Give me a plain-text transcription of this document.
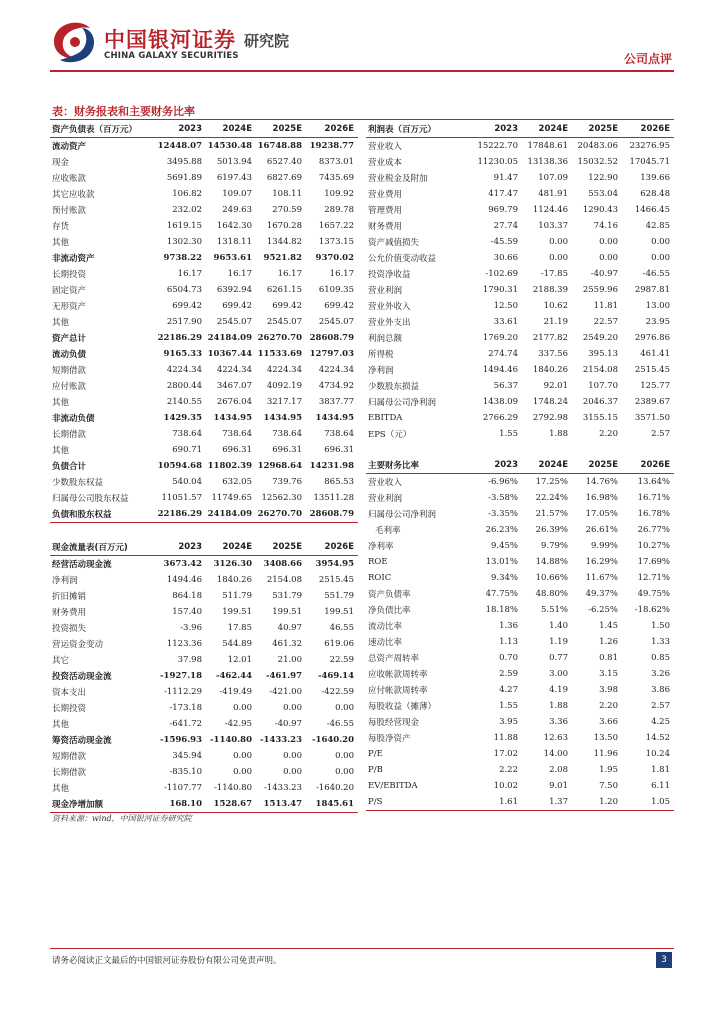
中国银河证券
CHINA GALAXY SECURITIES
研究院
公司点评
表：财务报表和主要财务比率
资产负债表（百万元）	2023	2024E	2025E	2026E
流动资产	12448.07	14530.48	16748.88	19238.77
现金	3495.88	5013.94	6527.40	8373.01
应收账款	5691.89	6197.43	6827.69	7435.69
其它应收款	106.82	109.07	108.11	109.92
预付账款	232.02	249.63	270.59	289.78
存货	1619.15	1642.30	1670.28	1657.22
其他	1302.30	1318.11	1344.82	1373.15
非流动资产	9738.22	9653.61	9521.82	9370.02
长期投资	16.17	16.17	16.17	16.17
固定资产	6504.73	6392.94	6261.15	6109.35
无形资产	699.42	699.42	699.42	699.42
其他	2517.90	2545.07	2545.07	2545.07
资产总计	22186.29	24184.09	26270.70	28608.79
流动负债	9165.33	10367.44	11533.69	12797.03
短期借款	4224.34	4224.34	4224.34	4224.34
应付账款	2800.44	3467.07	4092.19	4734.92
其他	2140.55	2676.04	3217.17	3837.77
非流动负债	1429.35	1434.95	1434.95	1434.95
长期借款	738.64	738.64	738.64	738.64
其他	690.71	696.31	696.31	696.31
负债合计	10594.68	11802.39	12968.64	14231.98
少数股东权益	540.04	632.05	739.76	865.53
归属母公司股东权益	11051.57	11749.65	12562.30	13511.28
负债和股东权益	22186.29	24184.09	26270.70	28608.79
利润表（百万元）	2023	2024E	2025E	2026E
营业收入	15222.70	17848.61	20483.06	23276.95
营业成本	11230.05	13138.36	15032.52	17045.71
营业税金及附加	91.47	107.09	122.90	139.66
营业费用	417.47	481.91	553.04	628.48
管理费用	969.79	1124.46	1290.43	1466.45
财务费用	27.74	103.37	74.16	42.85
资产减值损失	-45.59	0.00	0.00	0.00
公允价值变动收益	30.66	0.00	0.00	0.00
投资净收益	-102.69	-17.85	-40.97	-46.55
营业利润	1790.31	2188.39	2559.96	2987.81
营业外收入	12.50	10.62	11.81	13.00
营业外支出	33.61	21.19	22.57	23.95
利润总额	1769.20	2177.82	2549.20	2976.86
所得税	274.74	337.56	395.13	461.41
净利润	1494.46	1840.26	2154.08	2515.45
少数股东损益	56.37	92.01	107.70	125.77
归属母公司净利润	1438.09	1748.24	2046.37	2389.67
EBITDA	2766.29	2792.98	3155.15	3571.50
EPS（元）	1.55	1.88	2.20	2.57
现金流量表(百万元)	2023	2024E	2025E	2026E
经营活动现金流	3673.42	3126.30	3408.66	3954.95
净利润	1494.46	1840.26	2154.08	2515.45
折旧摊销	864.18	511.79	531.79	551.79
财务费用	157.40	199.51	199.51	199.51
投资损失	-3.96	17.85	40.97	46.55
营运资金变动	1123.36	544.89	461.32	619.06
其它	37.98	12.01	21.00	22.59
投资活动现金流	-1927.18	-462.44	-461.97	-469.14
资本支出	-1112.29	-419.49	-421.00	-422.59
长期投资	-173.18	0.00	0.00	0.00
其他	-641.72	-42.95	-40.97	-46.55
筹资活动现金流	-1596.93	-1140.80	-1433.23	-1640.20
短期借款	345.94	0.00	0.00	0.00
长期借款	-835.10	0.00	0.00	0.00
其他	-1107.77	-1140.80	-1433.23	-1640.20
现金净增加额	168.10	1528.67	1513.47	1845.61
主要财务比率	2023	2024E	2025E	2026E
营业收入	-6.96%	17.25%	14.76%	13.64%
营业利润	-3.58%	22.24%	16.98%	16.71%
归属母公司净利润	-3.35%	21.57%	17.05%	16.78%
毛利率	26.23%	26.39%	26.61%	26.77%
净利率	9.45%	9.79%	9.99%	10.27%
ROE	13.01%	14.88%	16.29%	17.69%
ROIC	9.34%	10.66%	11.67%	12.71%
资产负债率	47.75%	48.80%	49.37%	49.75%
净负债比率	18.18%	5.51%	-6.25%	-18.62%
流动比率	1.36	1.40	1.45	1.50
速动比率	1.13	1.19	1.26	1.33
总资产周转率	0.70	0.77	0.81	0.85
应收帐款周转率	2.59	3.00	3.15	3.26
应付帐款周转率	4.27	4.19	3.98	3.86
每股收益（摊薄）	1.55	1.88	2.20	2.57
每股经营现金	3.95	3.36	3.66	4.25
每股净资产	11.88	12.63	13.50	14.52
P/E	17.02	14.00	11.96	10.24
P/B	2.22	2.08	1.95	1.81
EV/EBITDA	10.02	9.01	7.50	6.11
P/S	1.61	1.37	1.20	1.05
资料来源：wind，中国银河证券研究院
请务必阅读正文最后的中国银河证券股份有限公司免责声明。	3
